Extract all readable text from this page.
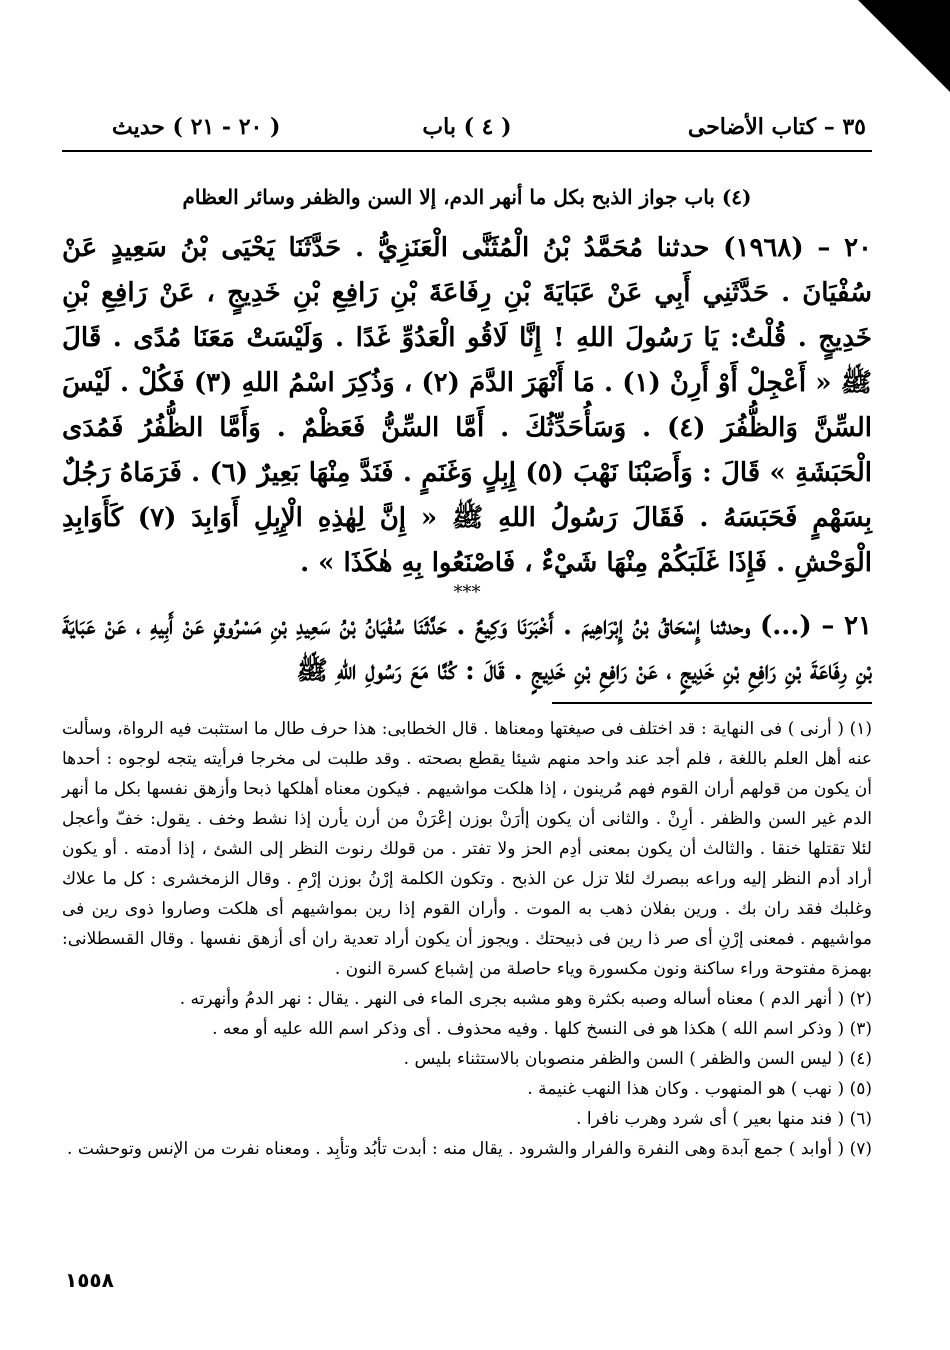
٣٥ – كتاب الأضاحى
( ٤ ) باب
( ٢٠ - ٢١ ) حديث
(٤) باب جواز الذبح بكل ما أنهر الدم، إلا السن والظفر وسائر العظام
٢٠ – (١٩٦٨) حدثنا مُحَمَّدُ بْنُ الْمُثَنَّى الْعَنَزِيُّ . حَدَّثَنَا يَحْيَى بْنُ سَعِيدٍ عَنْ سُفْيَانَ . حَدَّثَنِي أَبِي عَنْ عَبَايَةَ بْنِ رِفَاعَةَ بْنِ رَافِعِ بْنِ خَدِيجٍ ، عَنْ رَافِعِ بْنِ خَدِيجٍ . قُلْتُ: يَا رَسُولَ اللهِ ! إِنَّا لَاقُو الْعَدُوِّ غَدًا . وَلَيْسَتْ مَعَنَا مُدًى . قَالَ ﷺ « أَعْجِلْ أَوْ أَرِنْ (١) . مَا أَنْهَرَ الدَّمَ (٢) ، وَذُكِرَ اسْمُ اللهِ (٣) فَكُلْ . لَيْسَ السِّنَّ وَالظُّفُرَ (٤) . وَسَأُحَدِّثُكَ . أَمَّا السِّنُّ فَعَظْمٌ . وَأَمَّا الظُّفُرُ فَمُدَى الْحَبَشَةِ » قَالَ : وَأَصَبْنَا نَهْبَ (٥) إِبِلٍ وَغَنَمٍ . فَنَدَّ مِنْهَا بَعِيرٌ (٦) . فَرَمَاهُ رَجُلٌ بِسَهْمٍ فَحَبَسَهُ . فَقَالَ رَسُولُ اللهِ ﷺ « إِنَّ لِهٰذِهِ الْإِبِلِ أَوَابِدَ (٧) كَأَوَابِدِ الْوَحْشِ . فَإِذَا غَلَبَكُمْ مِنْهَا شَيْءٌ ، فَاصْنَعُوا بِهِ هٰكَذَا » .
***
٢١ – (...) وحدثنا إِسْحَاقُ بْنُ إِبْرَاهِيمَ . أَخْبَرَنَا وَكِيعٌ . حَدَّثَنَا سُفْيَانُ بْنُ سَعِيدِ بْنِ مَسْرُوقٍ عَنْ أَبِيهِ ، عَنْ عَبَايَةَ بْنِ رِفَاعَةَ بْنِ رَافِعِ بْنِ خَدِيجٍ ، عَنْ رَافِعِ بْنِ خَدِيجٍ . قَالَ : كُنَّا مَعَ رَسُولِ اللهِ ﷺ

(١) ( أرنى ) فى النهاية : قد اختلف فى صيغتها ومعناها . قال الخطابى: هذا حرف طال ما استثبت فيه الرواة، وسألت عنه أهل العلم باللغة ، فلم أجد عند واحد منهم شيئا يقطع بصحته . وقد طلبت لى مخرجا فرأيته يتجه لوجوه : أحدها أن يكون من قولهم أران القوم فهم مُرينون ، إذا هلكت مواشيهم . فيكون معناه أهلكها ذبحا وأزهق نفسها بكل ما أنهر الدم غير السن والظفر . أرِنْ . والثانى أن يكون إأرَنْ بوزن إعْرَنْ من أرن يأرن إذا نشط وخف . يقول: خفّ وأعجل لئلا تقتلها خنقا . والثالث أن يكون بمعنى أدِم الحز ولا تفتر . من قولك رنوت النظر إلى الشئ ، إذا أدمته . أو يكون أراد أدم النظر إليه وراعه ببصرك لئلا تزل عن الذبح . وتكون الكلمة إرْنُ بوزن إرْمِ . وقال الزمخشرى : كل ما علاك وغلبك فقد ران بك . ورين بفلان ذهب به الموت . وأران القوم إذا رين بمواشيهم أى هلكت وصاروا ذوى رين فى مواشيهم . فمعنى إرْنِ أى صر ذا رين فى ذبيحتك . ويجوز أن يكون أراد تعدية ران أى أزهق نفسها . وقال القسطلانى: بهمزة مفتوحة وراء ساكنة ونون مكسورة وياء حاصلة من إشباع كسرة النون .

(٢) ( أنهر الدم ) معناه أساله وصبه بكثرة وهو مشبه بجرى الماء فى النهر . يقال : نهر الدمُ وأنهرته .

(٣) ( وذكر اسم الله ) هكذا هو فى النسخ كلها . وفيه محذوف . أى وذكر اسم الله عليه أو معه .

(٤) ( ليس السن والظفر ) السن والظفر منصوبان بالاستثناء بليس .

(٥) ( نهب ) هو المنهوب . وكان هذا النهب غنيمة .

(٦) ( فند منها بعير ) أى شرد وهرب نافرا .

(٧) ( أوابد ) جمع آبدة وهى النفرة والفرار والشرود . يقال منه : أبدت تأبُد وتأبِد . ومعناه نفرت من الإنس وتوحشت .

١٥٥٨
